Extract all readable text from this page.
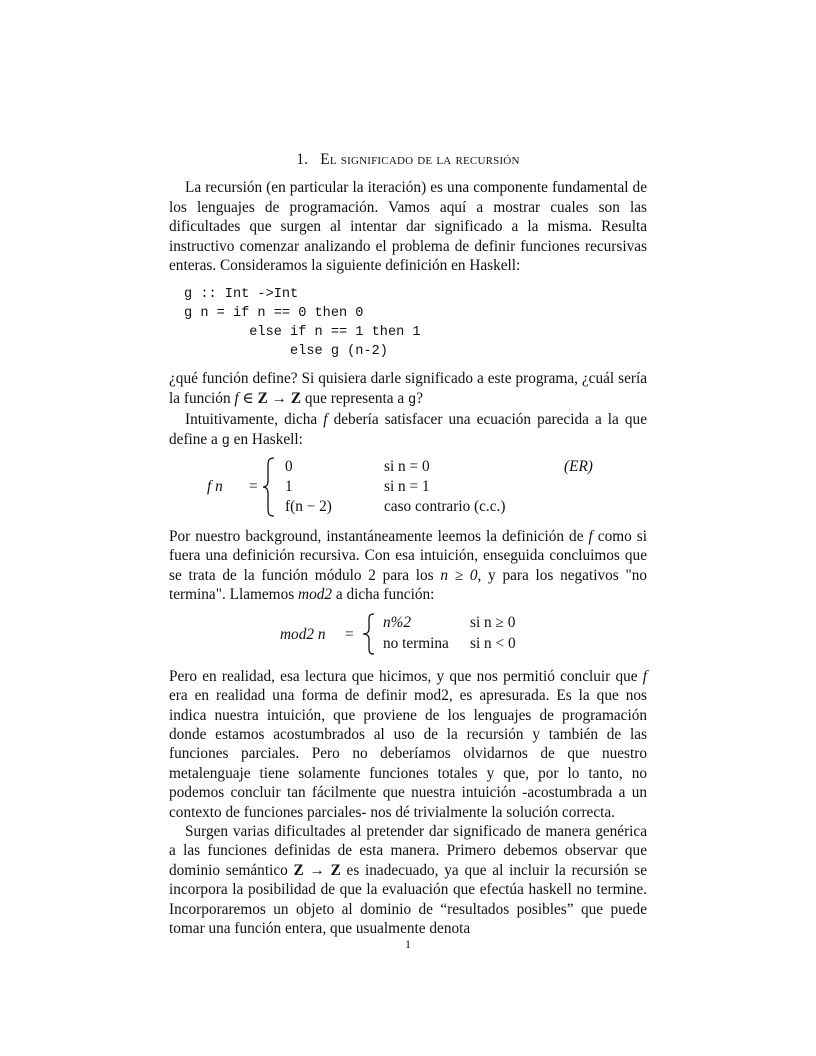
1. El significado de la recursión

La recursión (en particular la iteración) es una componente fundamental de los lenguajes de programación. Vamos aquí a mostrar cuales son las dificultades que surgen al intentar dar significado a la misma. Resulta instructivo comenzar analizando el problema de definir funciones recursivas enteras. Consideramos la siguiente definición en Haskell:

g :: Int ->Int
g n = if n == 0 then 0
else if n == 1 then 1
else g (n-2)

¿qué función define? Si quisiera darle significado a este programa, ¿cuál sería la función f ∈ Z → Z que representa a g?

Intuitivamente, dicha f debería satisfacer una ecuación parecida a la que define a g en Haskell:

f n =
0	si n = 0	(ER)
1	si n = 1
f(n − 2)	caso contrario (c.c.)

Por nuestro background, instantáneamente leemos la definición de f como si fuera una definición recursiva. Con esa intuición, enseguida concluimos que se trata de la función módulo 2 para los n ≥ 0, y para los negativos "no termina". Llamemos mod2 a dicha función:

mod2 n =
n%2	si n ≥ 0
no termina si n < 0

Pero en realidad, esa lectura que hicimos, y que nos permitió concluir que f era en realidad una forma de definir mod2, es apresurada. Es la que nos indica nuestra intuición, que proviene de los lenguajes de programación donde estamos acostumbrados al uso de la recursión y también de las funciones parciales. Pero no deberíamos olvidarnos de que nuestro metalenguaje tiene solamente funciones totales y que, por lo tanto, no podemos concluir tan fácilmente que nuestra intuición -acostumbrada a un contexto de funciones parciales- nos dé trivialmente la solución correcta.

Surgen varias dificultades al pretender dar significado de manera genérica a las funciones definidas de esta manera. Primero debemos observar que dominio semántico Z → Z es inadecuado, ya que al incluir la recursión se incorpora la posibilidad de que la evaluación que efectúa haskell no termine. Incorporaremos un objeto al dominio de “resultados posibles” que puede tomar una función entera, que usualmente denota

1
